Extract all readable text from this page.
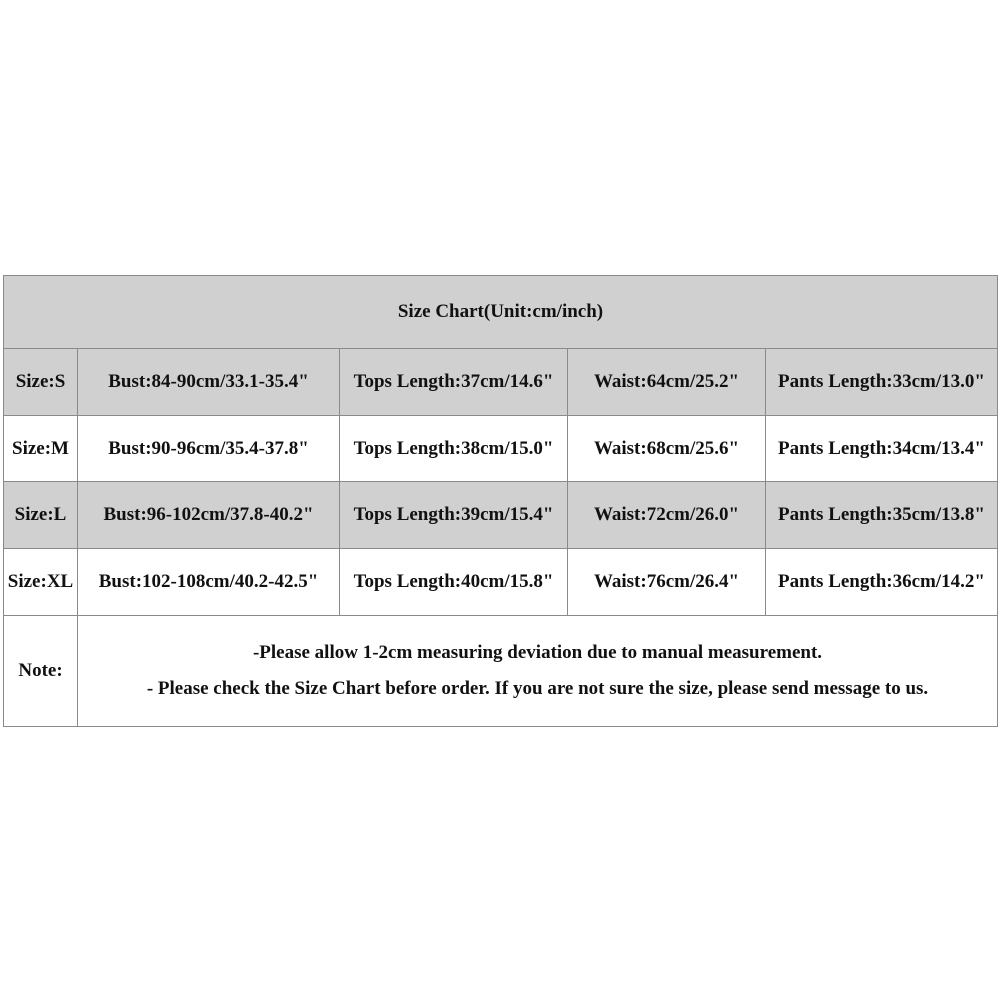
Size Chart(Unit:cm/inch)
Size:S	Bust:84-90cm/33.1-35.4"	Tops Length:37cm/14.6"	Waist:64cm/25.2"	Pants Length:33cm/13.0"
Size:M	Bust:90-96cm/35.4-37.8"	Tops Length:38cm/15.0"	Waist:68cm/25.6"	Pants Length:34cm/13.4"
Size:L	Bust:96-102cm/37.8-40.2"	Tops Length:39cm/15.4"	Waist:72cm/26.0"	Pants Length:35cm/13.8"
Size:XL	Bust:102-108cm/40.2-42.5"	Tops Length:40cm/15.8"	Waist:76cm/26.4"	Pants Length:36cm/14.2"
Note:
-Please allow 1-2cm measuring deviation due to manual measurement.
- Please check the Size Chart before order. If you are not sure the size, please send message to us.
